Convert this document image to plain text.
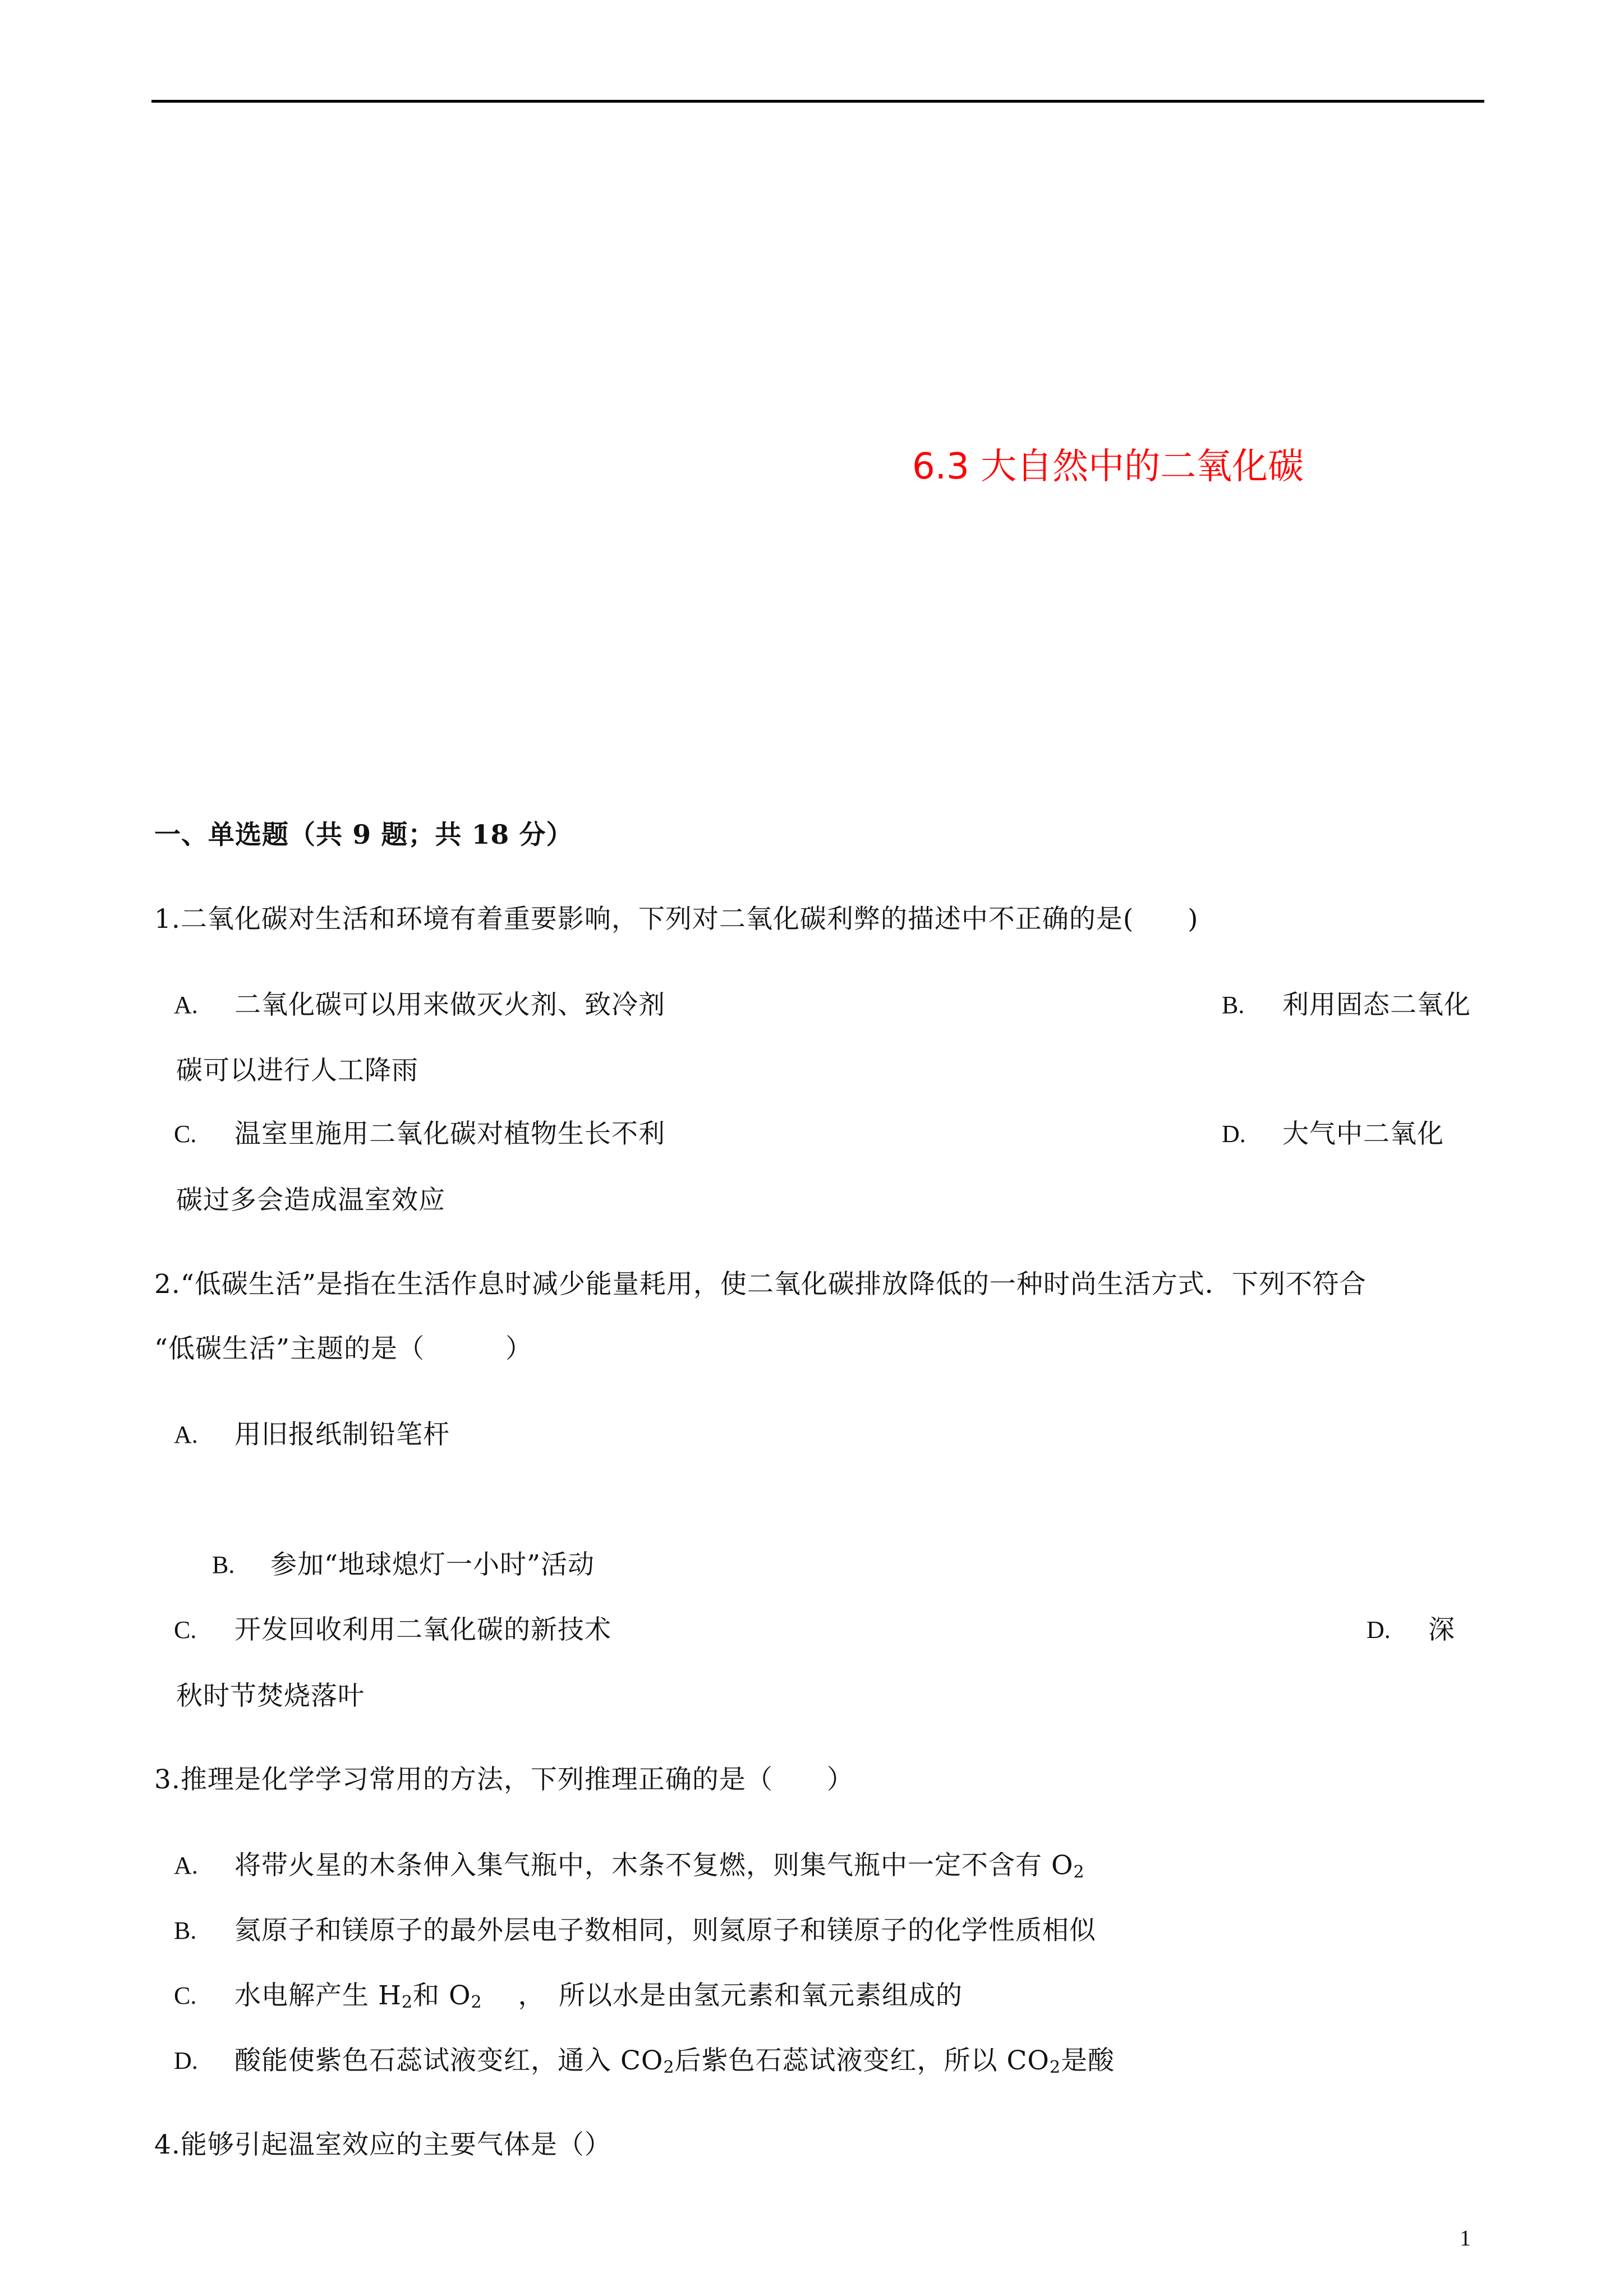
6.3 大自然中的二氧化碳
一、单选题（共 9 题；共 18 分）
1.二氧化碳对生活和环境有着重要影响，下列对二氧化碳利弊的描述中不正确的是(　　)
A. 二氧化碳可以用来做灭火剂、致冷剂	B. 利用固态二氧化
碳可以进行人工降雨
C. 温室里施用二氧化碳对植物生长不利	D. 大气中二氧化
碳过多会造成温室效应
2.“低碳生活”是指在生活作息时减少能量耗用，使二氧化碳排放降低的一种时尚生活方式．下列不符合
“低碳生活”主题的是（　　　）
A. 用旧报纸制铅笔杆
B. 参加“地球熄灯一小时”活动
C. 开发回收利用二氧化碳的新技术	D. 深
秋时节焚烧落叶
3.推理是化学学习常用的方法，下列推理正确的是（　　）
A. 将带火星的木条伸入集气瓶中，木条不复燃，则集气瓶中一定不含有 $O_2$
B. 氦原子和镁原子的最外层电子数相同，则氦原子和镁原子的化学性质相似
C. 水电解产生 $H_2$和 $O_2$　 ，　所以水是由氢元素和氧元素组成的
D. 酸能使紫色石蕊试液变红，通入 $CO_2$后紫色石蕊试液变红，所以 $CO_2$是酸
4.能够引起温室效应的主要气体是（）
1
